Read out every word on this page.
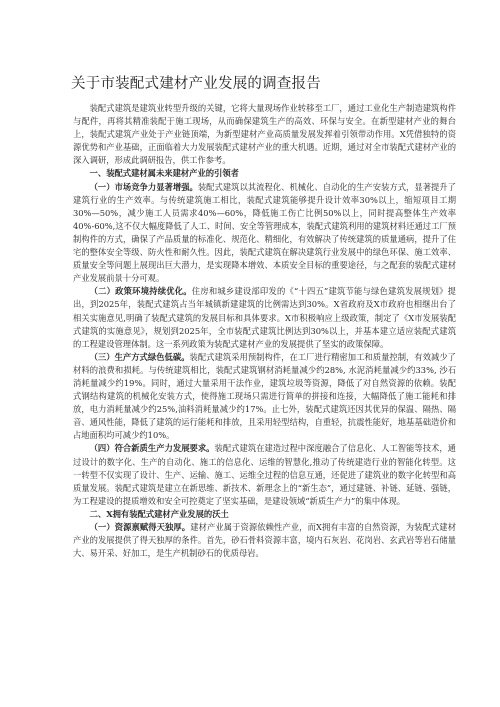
关于市装配式建材产业发展的调查报告

装配式建筑是建筑业转型升级的关键，它将大量现场作业转移至工厂，通过工业化生产制造建筑构件与配件，再将其精准装配于施工现场，从而确保建筑生产的高效、环保与安全。在新型建材产业的舞台上，装配式建筑产业处于产业链顶端，为新型建材产业高质量发展发挥着引领带动作用。X凭借独特的资源优势和产业基础，正面临着大力发展装配式建材产业的重大机遇。近期，通过对全市装配式建材产业的深入调研，形成此调研报告，供工作参考。

一、装配式建材属未来建材产业的引领者

（一）市场竞争力显著增强。装配式建筑以其流程化、机械化、自动化的生产安装方式，显著提升了建筑行业的生产效率。与传统建筑施工相比，装配式建筑能够提升设计效率30%以上，缩短项目工期30%—50%，减少施工人员需求40%—60%，降低施工伤亡比例50%以上，同时提高整体生产效率40%-60%,这不仅大幅度降低了人工、时间、安全等管理成本，装配式建筑利用的建筑材料还通过工厂预制构件的方式，确保了产品质量的标准化、规范化、精细化，有效解决了传统建筑的质量通病，提升了住宅的整体安全等级、防火性和耐久性。因此，装配式建筑在解决建筑行业发展中的绿色环保、施工效率、质量安全等问题上展现出巨大潜力，是实现降本增效、本质安全目标的重要途径，与之配套的装配式建材产业发展前景十分可观。

（二）政策环境持续优化。住房和城乡建设部印发的《“十四五”建筑节能与绿色建筑发展规划》提出，到2025年，装配式建筑占当年城镇新建建筑的比例需达到30%。X省政府及X市政府也相继出台了相关实施意见,明确了装配式建筑的发展目标和具体要求。X市积极响应上级政策，制定了《X市发展装配式建筑的实施意见》，规划到2025年，全市装配式建筑比例达到30%以上，并基本建立适应装配式建筑的工程建设管理体制。这一系列政策为装配式建材产业的发展提供了坚实的政策保障。

（三）生产方式绿色低碳。装配式建筑采用预制构件，在工厂进行精密加工和质量控制，有效减少了材料的浪费和损耗。与传统建筑相比，装配式建筑钢材消耗量减少约28%, 水泥消耗量减少约33%, 沙石消耗量减少约19%。同时，通过大量采用干法作业，建筑垃圾等资源，降低了对自然资源的依赖。装配式钢结构建筑的机械化安装方式，使得施工现场只需进行简单的拼接和连接，大幅降低了施工能耗和排放，电力消耗量减少约25%,油料消耗量减少约17%。止七外，装配式建筑还因其优异的保温、隔热、隔音、通风性能，降低了建筑的运行能耗和排放，且采用轻型结构，自重轻，抗震性能好，地基基础造价和占地面积均可减少约10%。

（四）符合新质生产力发展要求。装配式建筑在建造过程中深度融合了信息化、人工智能等技术，通过设计的数字化、生产的自动化、施工的信息化、运维的智慧化,推动了传统建造行业的智能化转型。这一转型不仅实现了设计、生产、运输、施工、运维全过程的信息互通，还促进了建筑业的数字化转型和高质量发展。装配式建筑是建立在新思维、新技术、新理念上的“新生态”，通过建链、补链、延链、强链，为工程建设的提质增效和安全可控奠定了坚实基础，是建设领域“新质生产力”的集中体现。

二、X拥有装配式建材产业发展的沃土

（一）资源禀赋得天独厚。建材产业属于资源依赖性产业，而X拥有丰富的自然资源，为装配式建材产业的发展提供了得天独厚的条件。首先，砂石骨料资源丰富，境内石灰岩、花岗岩、玄武岩等岩石储量大、易开采、好加工，是生产机制砂石的优质母岩。
